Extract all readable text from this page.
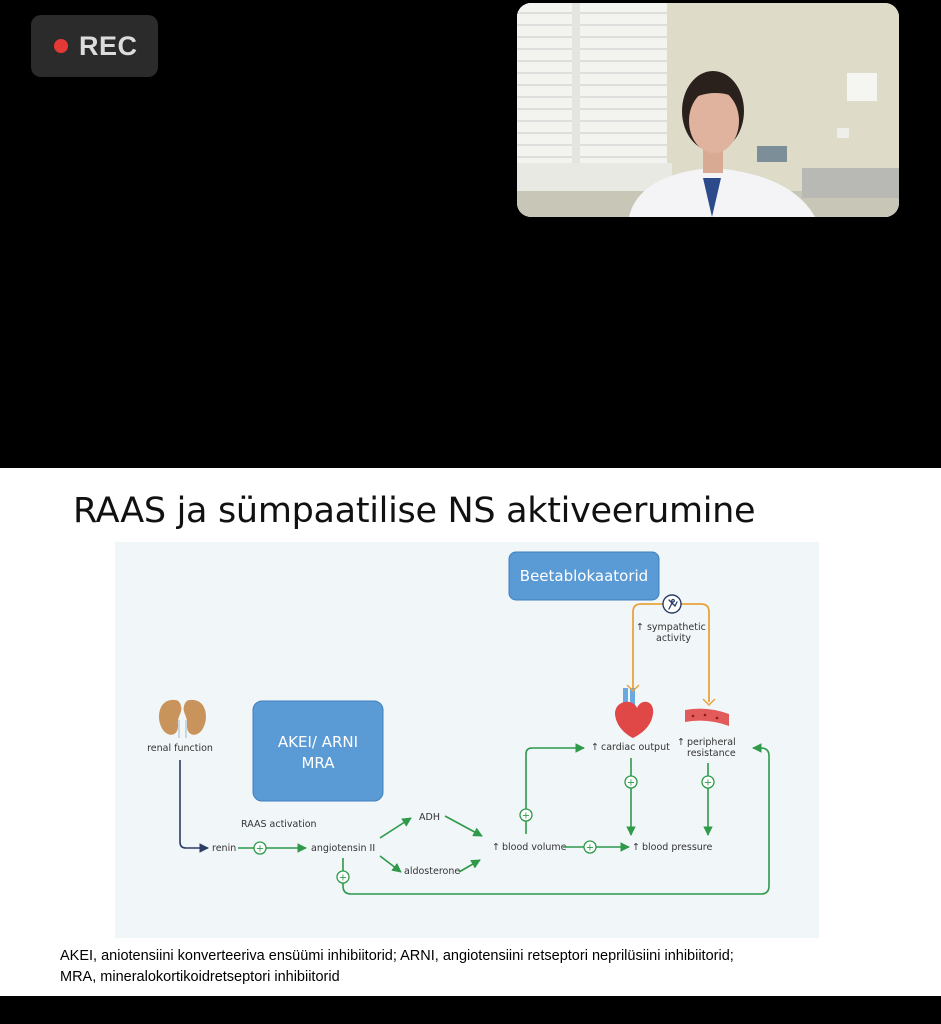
REC
RAAS ja sümpaatilise NS aktiveerumine
Beetablokaatorid
AKEI/ ARNI
MRA
renal function
renin
RAAS activation
+	angiotensin II
ADH
aldosterone
↑ blood volume +	↑ blood pressure
+
↑ cardiac output
+
↑ peripheral
resistance
+
+
↑ sympathetic
activity

AKEI, aniotensiini konverteeriva ensüümi inhibiitorid; ARNI, angiotensiini retseptori neprilüsiini inhibiitorid;
MRA, mineralokortikoidretseptori inhibiitorid
